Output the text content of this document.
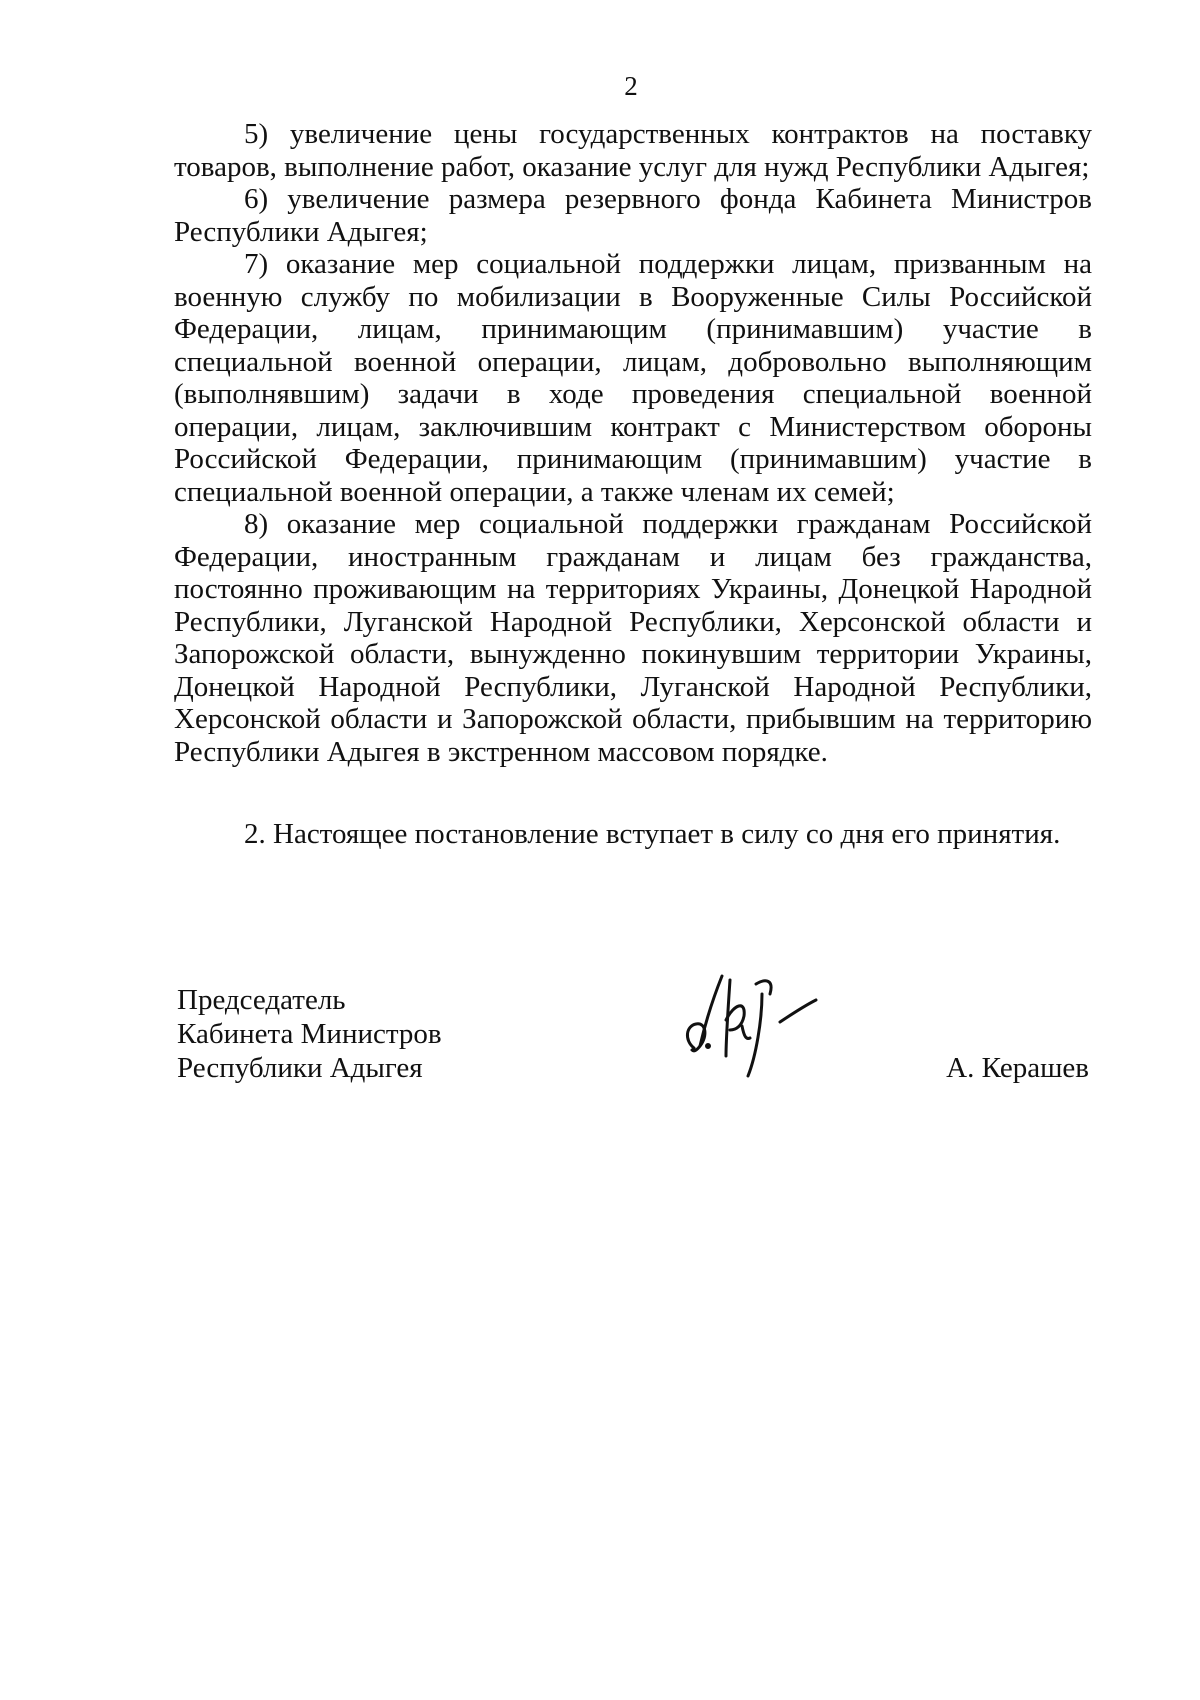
2

5) увеличение цены государственных контрактов на поставку товаров, выполнение работ, оказание услуг для нужд Республики Адыгея;

6) увеличение размера резервного фонда Кабинета Министров Республики Адыгея;

7) оказание мер социальной поддержки лицам, призванным на военную службу по мобилизации в Вооруженные Силы Российской Федерации, лицам, принимающим (принимавшим) участие в специальной военной операции, лицам, добровольно выполняющим (выполнявшим) задачи в ходе проведения специальной военной операции, лицам, заключившим контракт с Министерством обороны Российской Федерации, принимающим (принимавшим) участие в специальной военной операции, а также членам их семей;

8) оказание мер социальной поддержки гражданам Российской Федерации, иностранным гражданам и лицам без гражданства, постоянно проживающим на территориях Украины, Донецкой Народной Республики, Луганской Народной Республики, Херсонской области и Запорожской области, вынужденно покинувшим территории Украины, Донецкой Народной Республики, Луганской Народной Республики, Херсонской области и Запорожской области, прибывшим на территорию Республики Адыгея в экстренном массовом порядке.

2. Настоящее постановление вступает в силу со дня его принятия.

Председатель
Кабинета Министров
Республики Адыгея	А. Керашев
